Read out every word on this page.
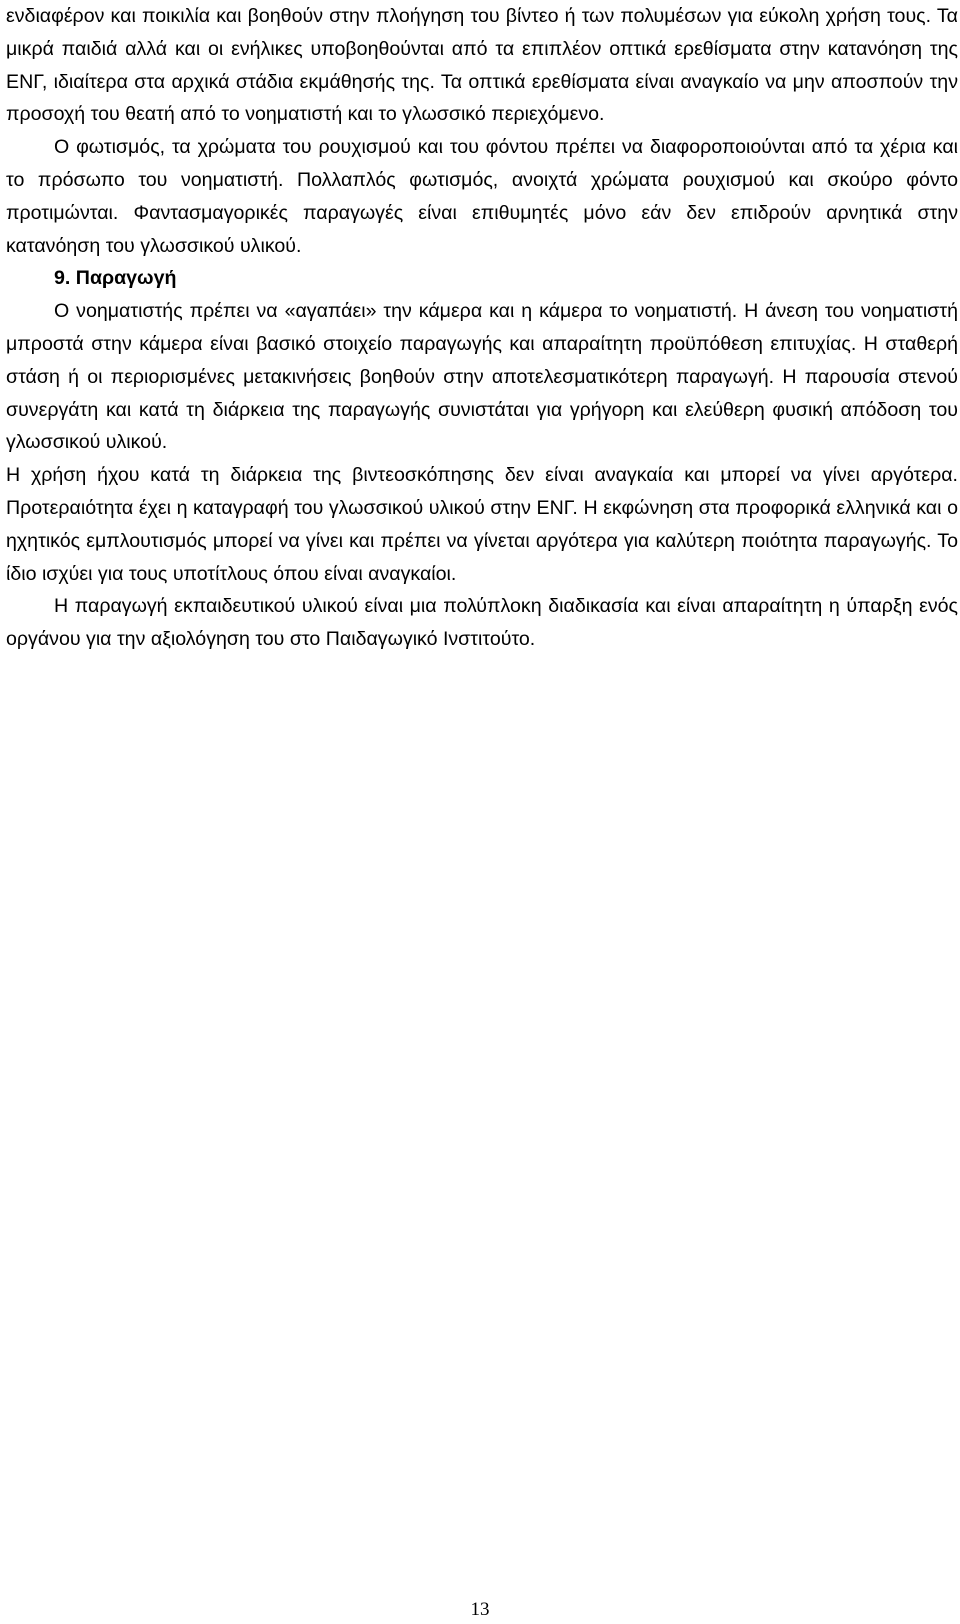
ενδιαφέρον και ποικιλία και βοηθούν στην πλοήγηση του βίντεο ή των πολυμέσων για εύκολη χρήση τους. Τα μικρά παιδιά αλλά και οι ενήλικες υποβοηθούνται από τα επιπλέον οπτικά ερεθίσματα στην κατανόηση της ΕΝΓ, ιδιαίτερα στα αρχικά στάδια εκμάθησής της. Τα οπτικά ερεθίσματα είναι αναγκαίο να μην αποσπούν την προσοχή του θεατή από το νοηματιστή και το γλωσσικό περιεχόμενο.

Ο φωτισμός, τα χρώματα του ρουχισμού και του φόντου πρέπει να διαφοροποιούνται από τα χέρια και το πρόσωπο του νοηματιστή. Πολλαπλός φωτισμός, ανοιχτά χρώματα ρουχισμού και σκούρο φόντο προτιμώνται. Φαντασμαγορικές παραγωγές είναι επιθυμητές μόνο εάν δεν επιδρούν αρνητικά στην κατανόηση του γλωσσικού υλικού.

9. Παραγωγή

Ο νοηματιστής πρέπει να «αγαπάει» την κάμερα και η κάμερα το νοηματιστή. Η άνεση του νοηματιστή μπροστά στην κάμερα είναι βασικό στοιχείο παραγωγής και απαραίτητη προϋπόθεση επιτυχίας. Η σταθερή στάση ή οι περιορισμένες μετακινήσεις βοηθούν στην αποτελεσματικότερη παραγωγή. Η παρουσία στενού συνεργάτη και κατά τη διάρκεια της παραγωγής συνιστάται για γρήγορη και ελεύθερη φυσική απόδοση του γλωσσικού υλικού.

Η χρήση ήχου κατά τη διάρκεια της βιντεοσκόπησης δεν είναι αναγκαία και μπορεί να γίνει αργότερα. Προτεραιότητα έχει η καταγραφή του γλωσσικού υλικού στην ΕΝΓ. Η εκφώνηση στα προφορικά ελληνικά και ο ηχητικός εμπλουτισμός μπορεί να γίνει και πρέπει να γίνεται αργότερα για καλύτερη ποιότητα παραγωγής. Το ίδιο ισχύει για τους υποτίτλους όπου είναι αναγκαίοι.

Η παραγωγή εκπαιδευτικού υλικού είναι μια πολύπλοκη διαδικασία και είναι απαραίτητη η ύπαρξη ενός οργάνου για την αξιολόγηση του στο Παιδαγωγικό Ινστιτούτο.

13
